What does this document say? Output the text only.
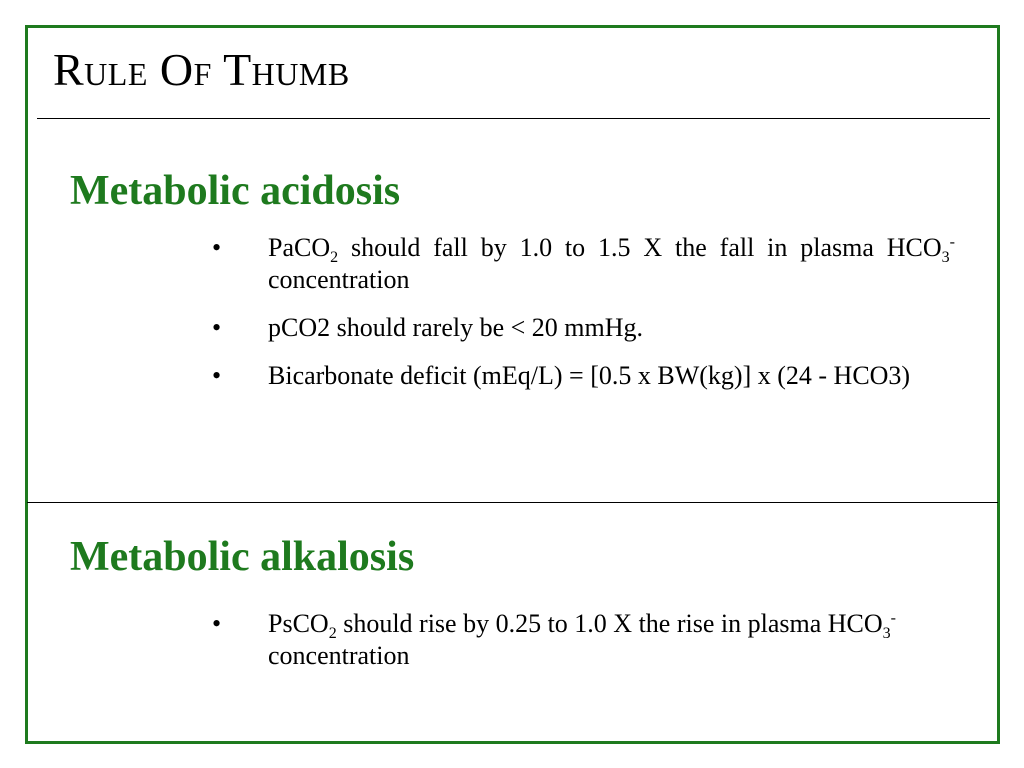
Rule Of Thumb
Metabolic acidosis
• PaCO$_2$ should fall by 1.0 to 1.5 X the fall in plasma $HCO_3^-$ concentration
• pCO2 should rarely be < 20 mmHg.
• Bicarbonate deficit (mEq/L) = [0.5 x BW(kg)] x (24 - HCO3)
Metabolic alkalosis
• PsCO$_2$ should rise by 0.25 to 1.0 X the rise in plasma $HCO_3^-$ concentration
